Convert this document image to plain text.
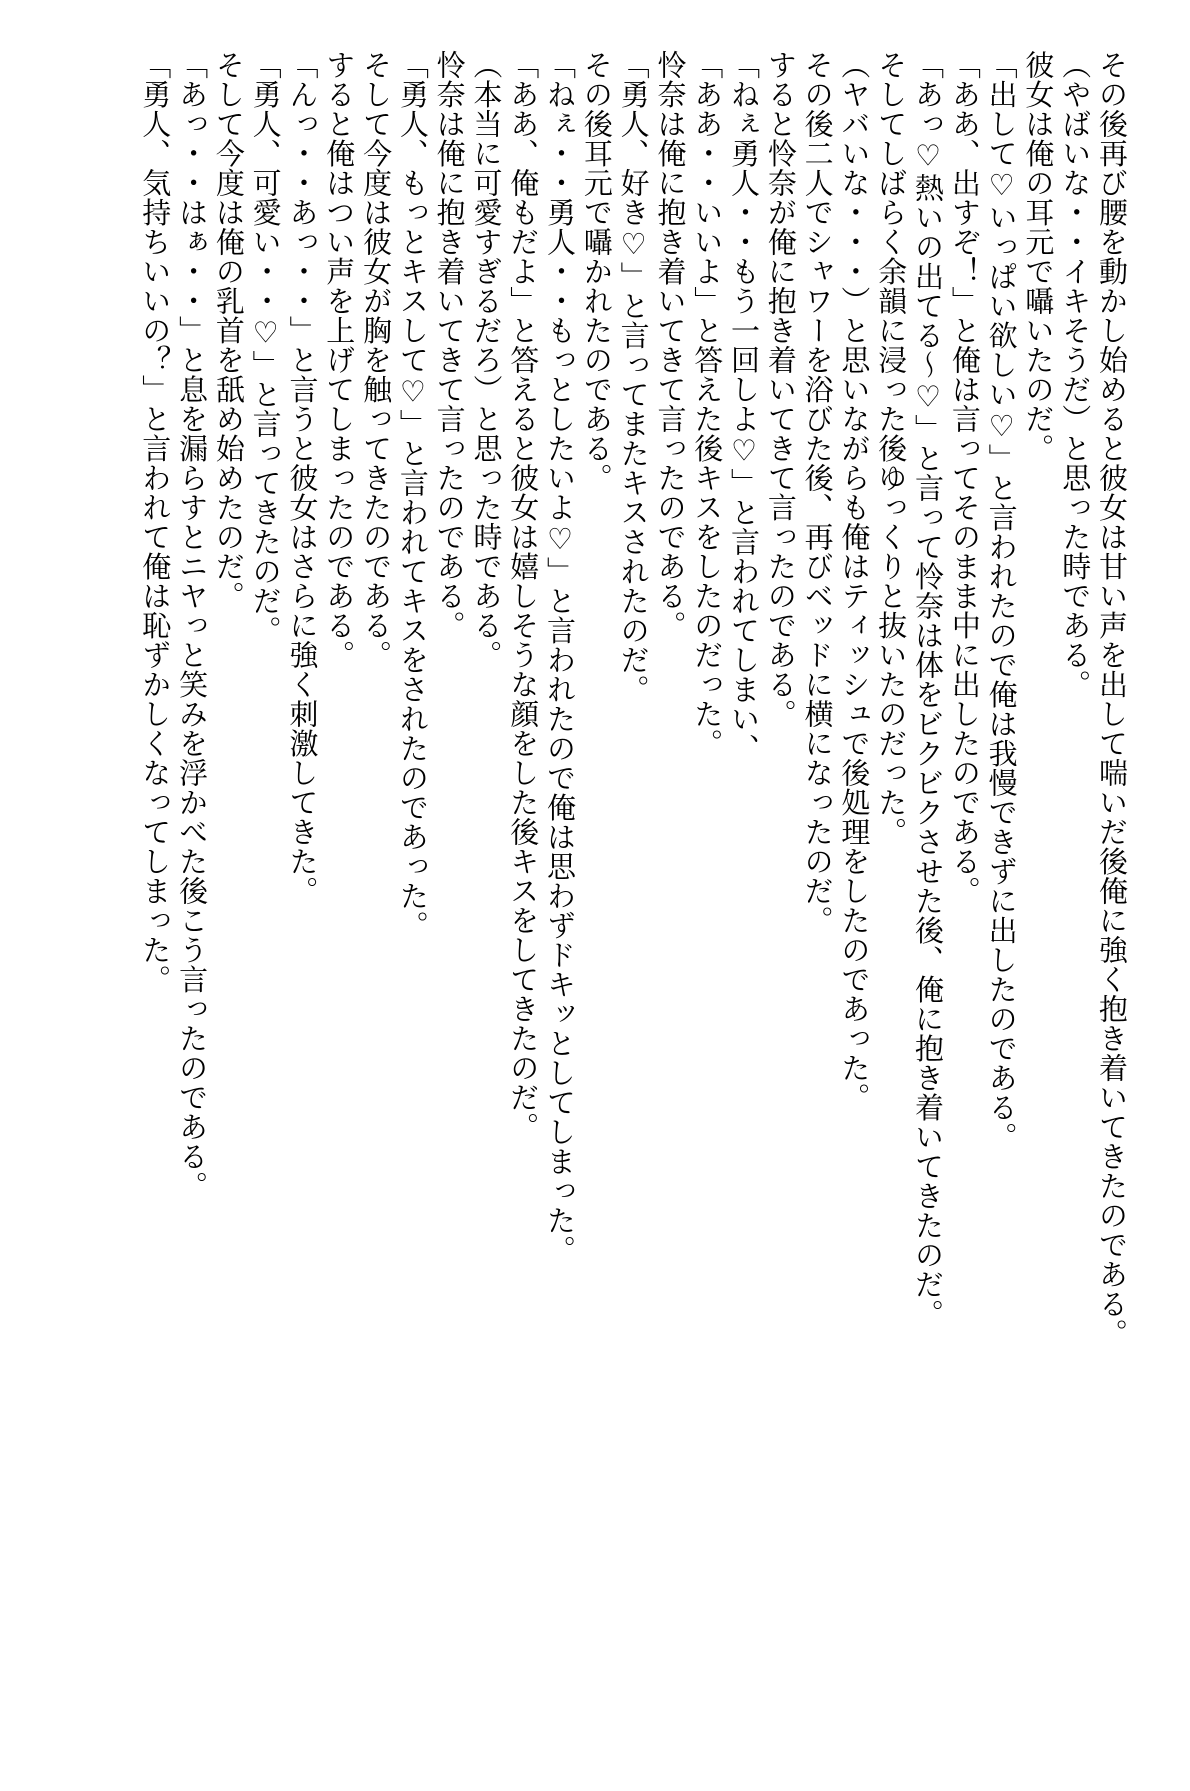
その後再び腰を動かし始めると彼女は甘い声を出して喘いだ後俺に強く抱き着いてきたのである。
（やばいな・・イキそうだ）と思った時である。
彼女は俺の耳元で囁いたのだ。
「出して♡いっぱい欲しい♡」と言われたので俺は我慢できずに出したのである。
「ああ、出すぞ！」と俺は言ってそのまま中に出したのである。
「あっ♡熱いの出てる〜♡」と言って怜奈は体をビクビクさせた後、俺に抱き着いてきたのだ。
そしてしばらく余韻に浸った後ゆっくりと抜いたのだった。
（ヤバいな・・・）と思いながらも俺はティッシュで後処理をしたのであった。
その後二人でシャワーを浴びた後、再びベッドに横になったのだ。
すると怜奈が俺に抱き着いてきて言ったのである。
「ねぇ勇人・・もう一回しよ♡」と言われてしまい、
「ああ・・いいよ」と答えた後キスをしたのだった。
怜奈は俺に抱き着いてきて言ったのである。
「勇人、好き♡」と言ってまたキスされたのだ。
その後耳元で囁かれたのである。
「ねぇ・・勇人・・もっとしたいよ♡」と言われたので俺は思わずドキッとしてしまった。
「ああ、俺もだよ」と答えると彼女は嬉しそうな顔をした後キスをしてきたのだ。
（本当に可愛すぎるだろ）と思った時である。
怜奈は俺に抱き着いてきて言ったのである。
「勇人、もっとキスして♡」と言われてキスをされたのであった。
そして今度は彼女が胸を触ってきたのである。
すると俺はつい声を上げてしまったのである。
「んっ・・あっ・・」と言うと彼女はさらに強く刺激してきた。
「勇人、可愛い・・♡」と言ってきたのだ。
そして今度は俺の乳首を舐め始めたのだ。
「あっ・・はぁ・・」と息を漏らすとニヤっと笑みを浮かべた後こう言ったのである。
「勇人、気持ちいいの？」と言われて俺は恥ずかしくなってしまった。
